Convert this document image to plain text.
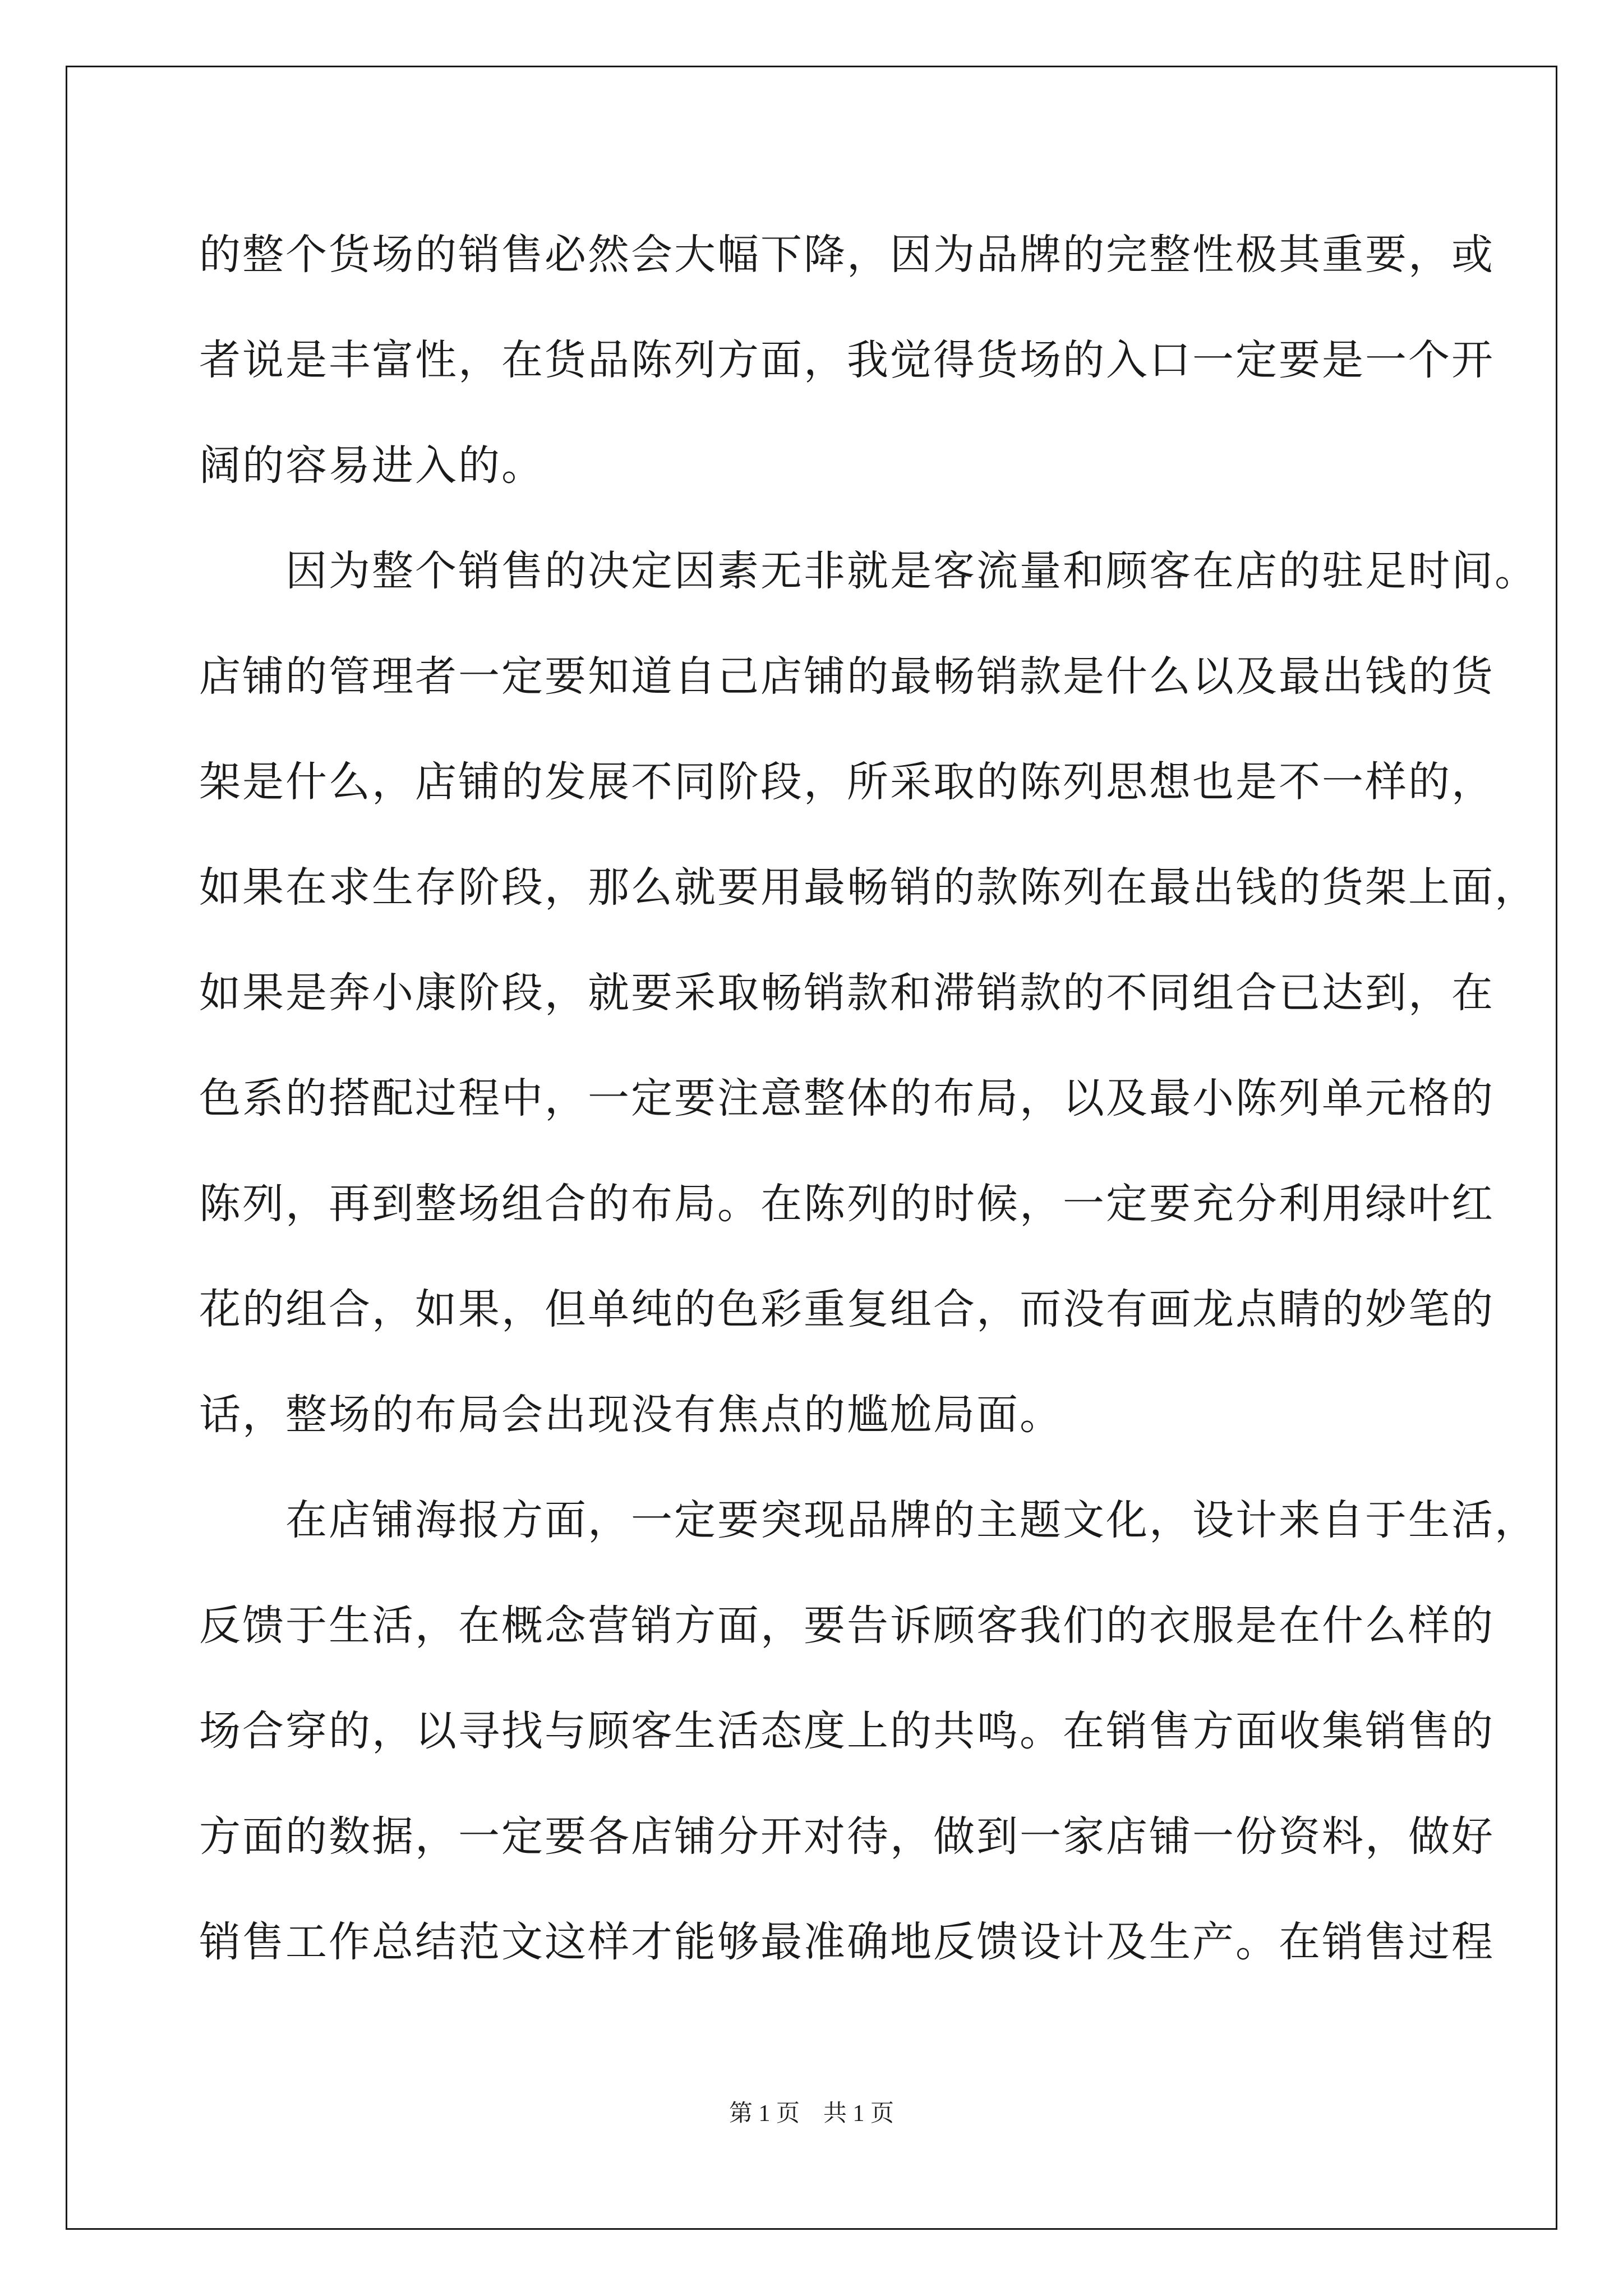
的整个货场的销售必然会大幅下降，因为品牌的完整性极其重要，或
者说是丰富性，在货品陈列方面，我觉得货场的入口一定要是一个开
阔的容易进入的。
　　因为整个销售的决定因素无非就是客流量和顾客在店的驻足时间。
店铺的管理者一定要知道自己店铺的最畅销款是什么以及最出钱的货
架是什么，店铺的发展不同阶段，所采取的陈列思想也是不一样的，
如果在求生存阶段，那么就要用最畅销的款陈列在最出钱的货架上面，
如果是奔小康阶段，就要采取畅销款和滞销款的不同组合已达到，在
色系的搭配过程中，一定要注意整体的布局，以及最小陈列单元格的
陈列，再到整场组合的布局。在陈列的时候，一定要充分利用绿叶红
花的组合，如果，但单纯的色彩重复组合，而没有画龙点睛的妙笔的
话，整场的布局会出现没有焦点的尴尬局面。
　　在店铺海报方面，一定要突现品牌的主题文化，设计来自于生活，
反馈于生活，在概念营销方面，要告诉顾客我们的衣服是在什么样的
场合穿的，以寻找与顾客生活态度上的共鸣。在销售方面收集销售的
方面的数据，一定要各店铺分开对待，做到一家店铺一份资料，做好
销售工作总结范文这样才能够最准确地反馈设计及生产。在销售过程
第 1 页    共 1 页
